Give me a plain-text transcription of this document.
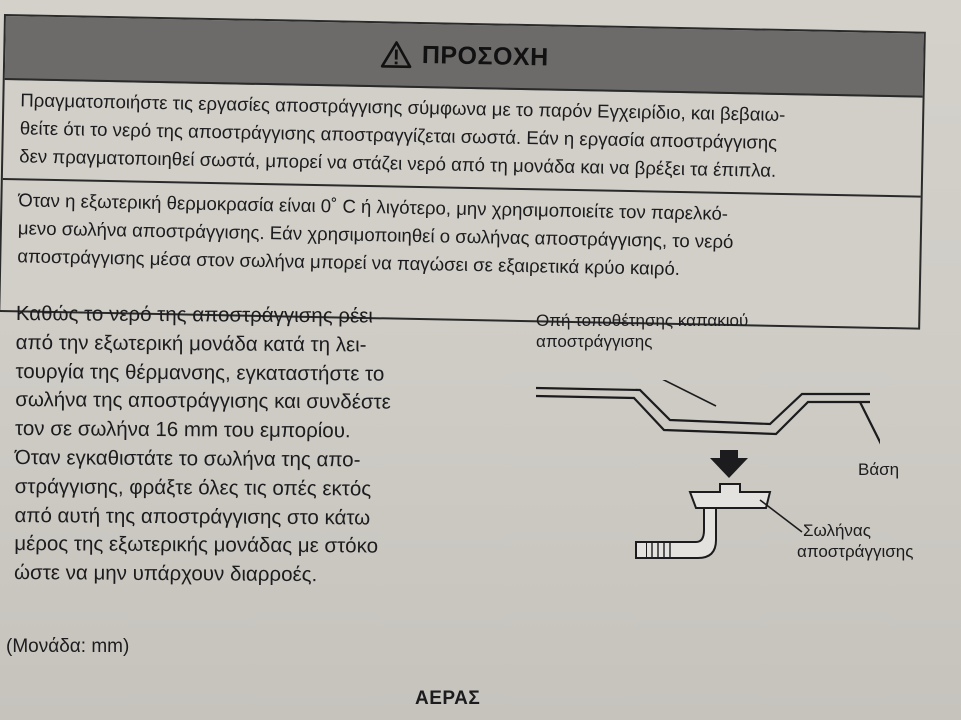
ΠΡΟΣΟΧΗ
Πραγματοποιήστε τις εργασίες αποστράγγισης σύμφωνα με το παρόν Εγχειρίδιο, και βεβαιω-
θείτε ότι το νερό της αποστράγγισης αποστραγγίζεται σωστά. Εάν η εργασία αποστράγγισης
δεν πραγματοποιηθεί σωστά, μπορεί να στάζει νερό από τη μονάδα και να βρέξει τα έπιπλα.
Όταν η εξωτερική θερμοκρασία είναι 0˚ C ή λιγότερο, μην χρησιμοποιείτε τον παρελκό-
μενο σωλήνα αποστράγγισης. Εάν χρησιμοποιηθεί ο σωλήνας αποστράγγισης, το νερό
αποστράγγισης μέσα στον σωλήνα μπορεί να παγώσει σε εξαιρετικά κρύο καιρό.
Καθώς το νερό της αποστράγγισης ρέει
από την εξωτερική μονάδα κατά τη λει-
τουργία της θέρμανσης, εγκαταστήστε το
σωλήνα της αποστράγγισης και συνδέστε
τον σε σωλήνα 16 mm του εμπορίου.
Όταν εγκαθιστάτε το σωλήνα της απο-
στράγγισης, φράξτε όλες τις οπές εκτός
από αυτή της αποστράγγισης στο κάτω
μέρος της εξωτερικής μονάδας με στόκο
ώστε να μην υπάρχουν διαρροές.
Οπή τοποθέτησης καπακιού
αποστράγγισης
Βάση
Σωλήνας
αποστράγγισης
(Μονάδα: mm)
ΑΕΡΑΣ
